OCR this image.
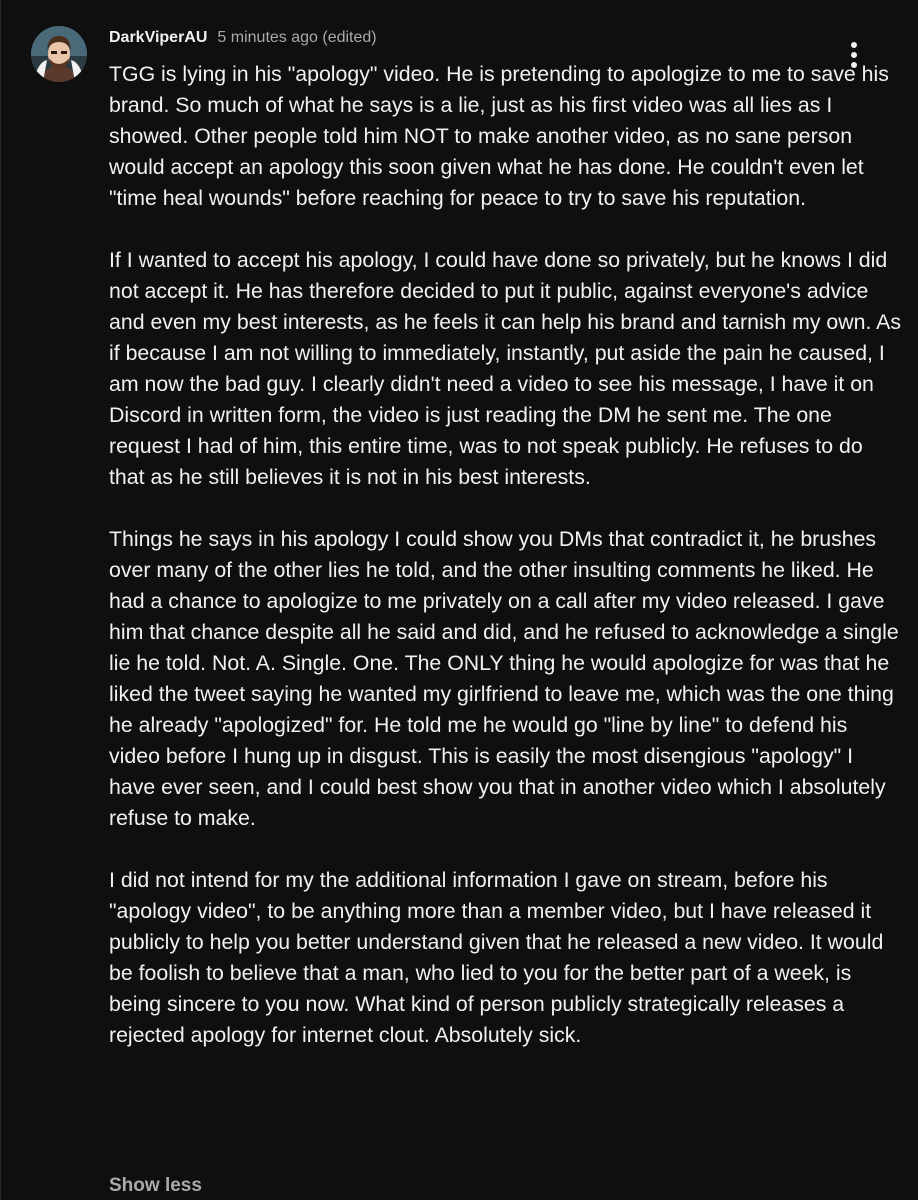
DarkViperAU 5 minutes ago (edited)

TGG is lying in his "apology" video. He is pretending to apologize to me to save his brand. So much of what he says is a lie, just as his first video was all lies as I showed. Other people told him NOT to make another video, as no sane person would accept an apology this soon given what he has done. He couldn't even let "time heal wounds" before reaching for peace to try to save his reputation.

If I wanted to accept his apology, I could have done so privately, but he knows I did not accept it. He has therefore decided to put it public, against everyone's advice and even my best interests, as he feels it can help his brand and tarnish my own. As if because I am not willing to immediately, instantly, put aside the pain he caused, I am now the bad guy. I clearly didn't need a video to see his message, I have it on Discord in written form, the video is just reading the DM he sent me. The one request I had of him, this entire time, was to not speak publicly. He refuses to do that as he still believes it is not in his best interests.

Things he says in his apology I could show you DMs that contradict it, he brushes over many of the other lies he told, and the other insulting comments he liked. He had a chance to apologize to me privately on a call after my video released. I gave him that chance despite all he said and did, and he refused to acknowledge a single lie he told. Not. A. Single. One. The ONLY thing he would apologize for was that he liked the tweet saying he wanted my girlfriend to leave me, which was the one thing he already "apologized" for. He told me he would go "line by line" to defend his video before I hung up in disgust. This is easily the most disengious "apology" I have ever seen, and I could best show you that in another video which I absolutely refuse to make.

I did not intend for my the additional information I gave on stream, before his "apology video", to be anything more than a member video, but I have released it publicly to help you better understand given that he released a new video. It would be foolish to believe that a man, who lied to you for the better part of a week, is being sincere to you now. What kind of person publicly strategically releases a rejected apology for internet clout. Absolutely sick.

Show less
